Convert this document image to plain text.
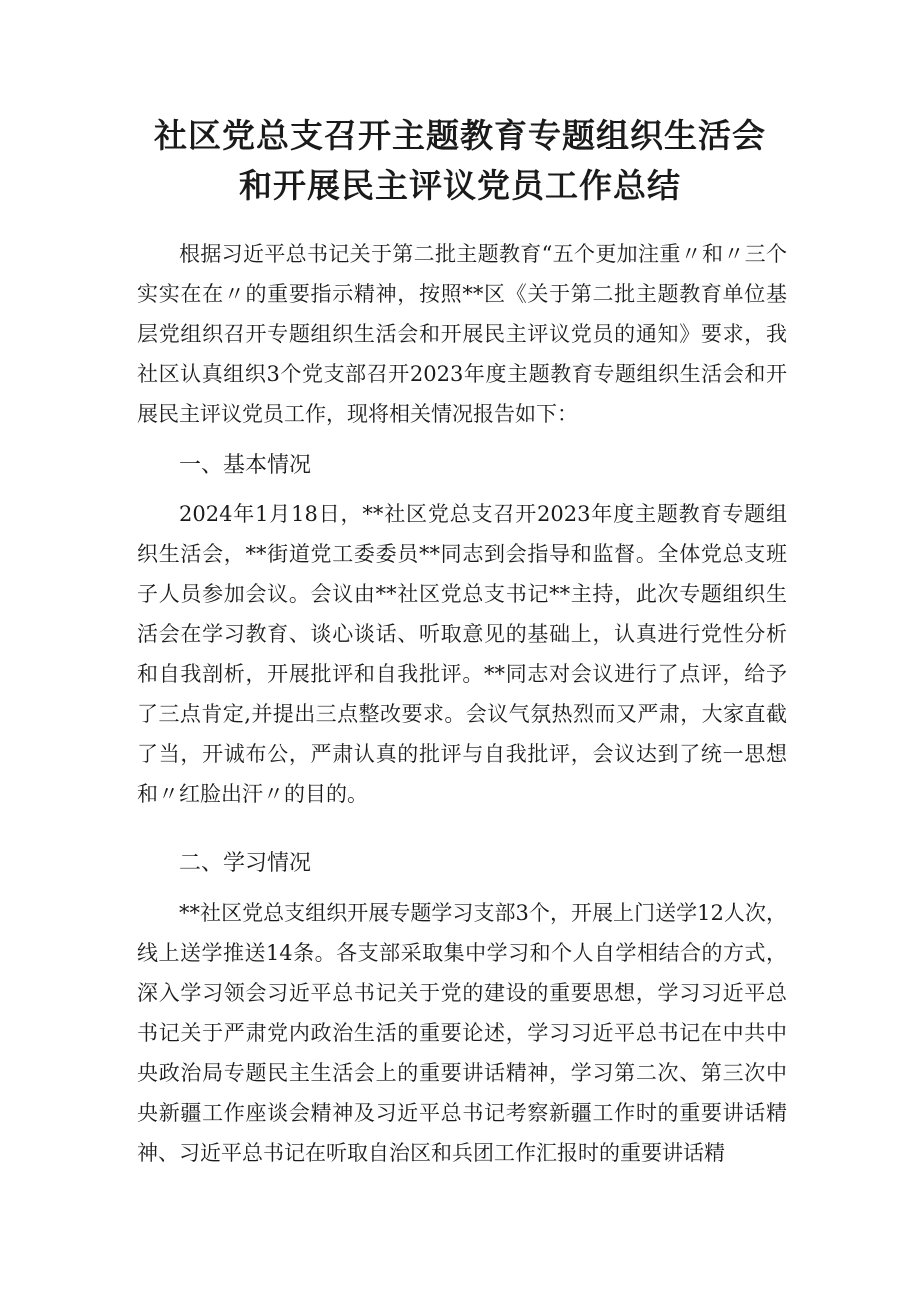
社区党总支召开主题教育专题组织生活会
和开展民主评议党员工作总结

根据习近平总书记关于第二批主题教育“五个更加注重〃和〃三个实实在在〃的重要指示精神，按照**区《关于第二批主题教育单位基层党组织召开专题组织生活会和开展民主评议党员的通知》要求，我社区认真组织3个党支部召开2023年度主题教育专题组织生活会和开展民主评议党员工作，现将相关情况报告如下：

一、基本情况

2024年1月18日，**社区党总支召开2023年度主题教育专题组织生活会，**街道党工委委员**同志到会指导和监督。全体党总支班子人员参加会议。会议由**社区党总支书记**主持，此次专题组织生活会在学习教育、谈心谈话、听取意见的基础上，认真进行党性分析和自我剖析，开展批评和自我批评。**同志对会议进行了点评，给予了三点肯定,并提出三点整改要求。会议气氛热烈而又严肃，大家直截了当，开诚布公，严肃认真的批评与自我批评，会议达到了统一思想和〃红脸出汗〃的目的。

二、学习情况

**社区党总支组织开展专题学习支部3个，开展上门送学12人次，线上送学推送14条。各支部采取集中学习和个人自学相结合的方式，深入学习领会习近平总书记关于党的建设的重要思想，学习习近平总书记关于严肃党内政治生活的重要论述，学习习近平总书记在中共中央政治局专题民主生活会上的重要讲话精神，学习第二次、第三次中央新疆工作座谈会精神及习近平总书记考察新疆工作时的重要讲话精神、习近平总书记在听取自治区和兵团工作汇报时的重要讲话精
